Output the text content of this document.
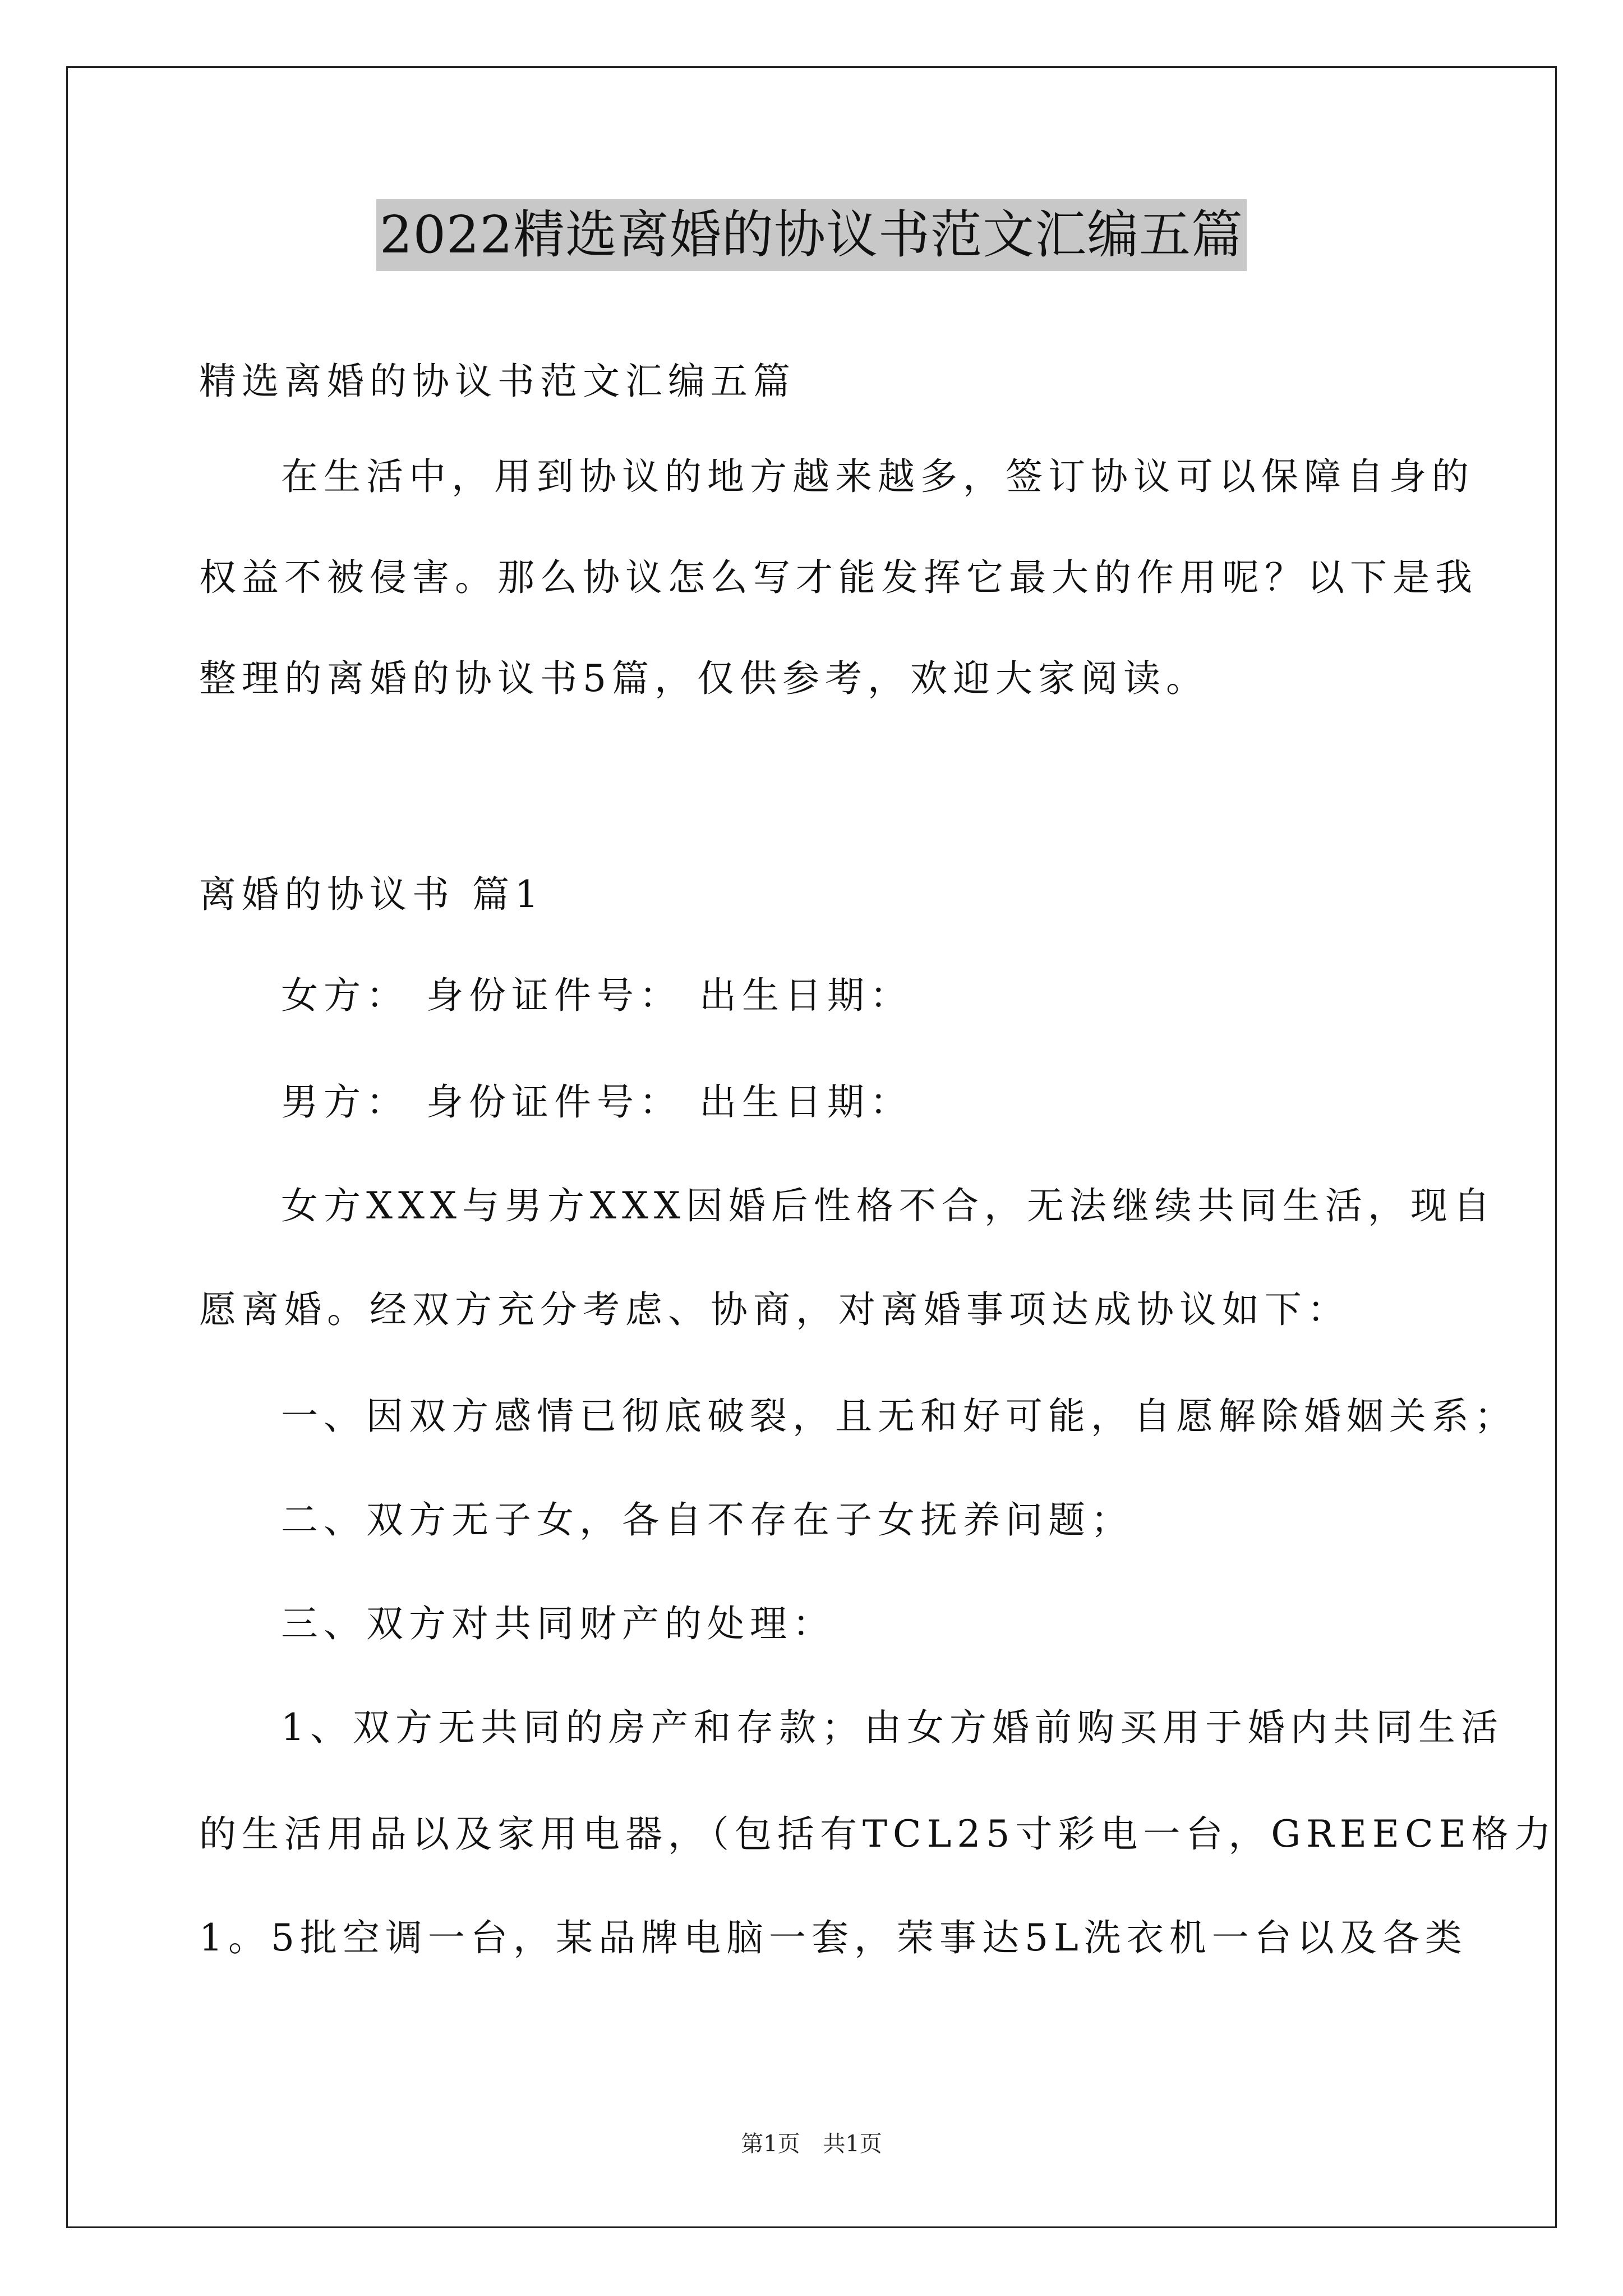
2022精选离婚的协议书范文汇编五篇
精选离婚的协议书范文汇编五篇
在生活中，用到协议的地方越来越多，签订协议可以保障自身的
权益不被侵害。那么协议怎么写才能发挥它最大的作用呢？以下是我
整理的离婚的协议书5篇，仅供参考，欢迎大家阅读。
离婚的协议书 篇1
女方： 身份证件号： 出生日期：
男方： 身份证件号： 出生日期：
女方XXX与男方XXX因婚后性格不合，无法继续共同生活，现自
愿离婚。经双方充分考虑、协商，对离婚事项达成协议如下：
一、因双方感情已彻底破裂，且无和好可能，自愿解除婚姻关系；
二、双方无子女，各自不存在子女抚养问题；
三、双方对共同财产的处理：
1、双方无共同的房产和存款；由女方婚前购买用于婚内共同生活
的生活用品以及家用电器，（包括有TCL25寸彩电一台，GREECE格力
1。5批空调一台，某品牌电脑一套，荣事达5L洗衣机一台以及各类
第1页 共1页
